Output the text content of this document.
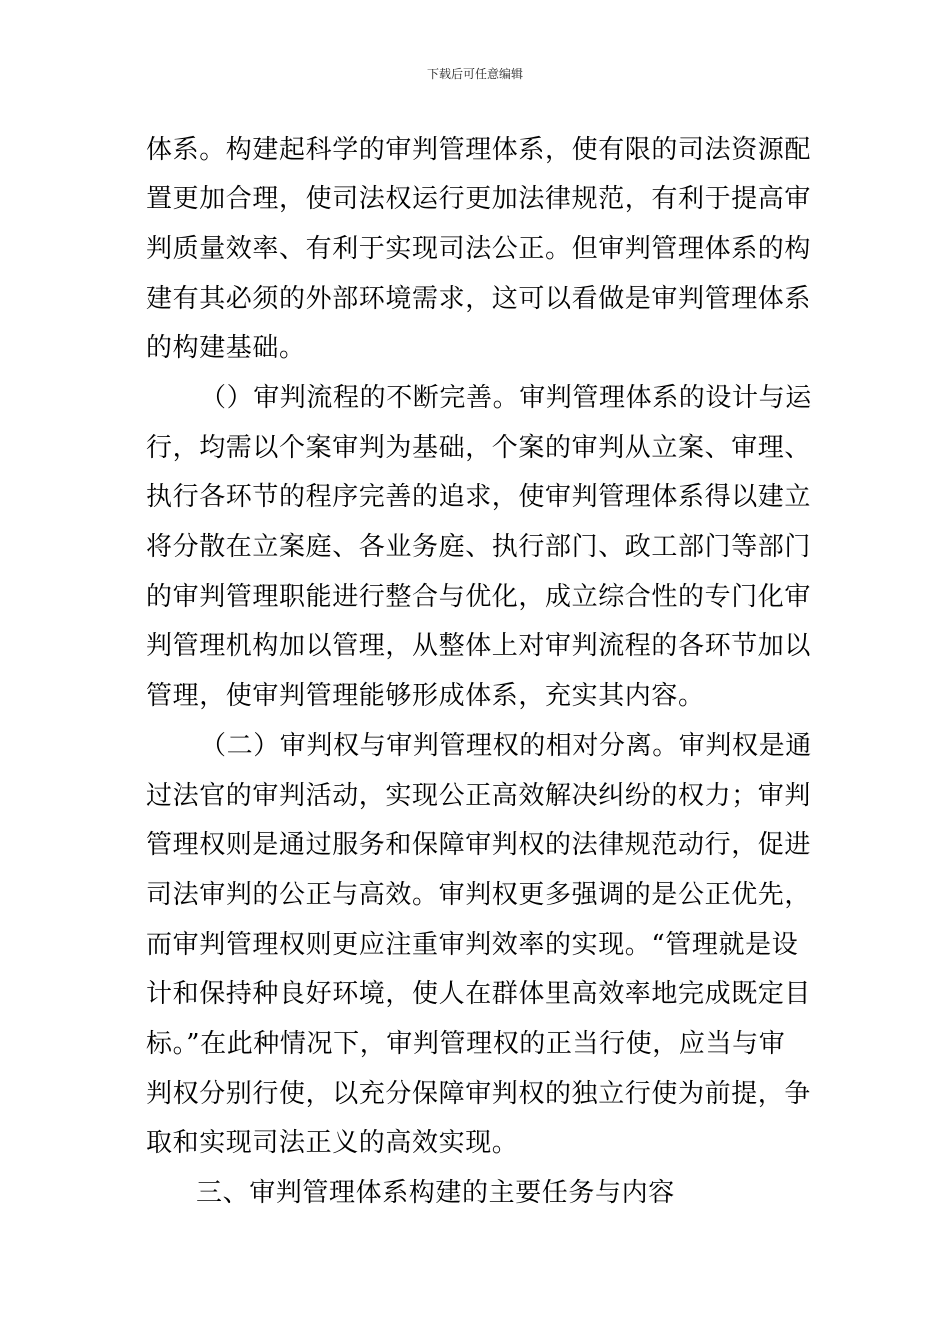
下载后可任意编辑
体系。构建起科学的审判管理体系，使有限的司法资源配
置更加合理，使司法权运行更加法律规范，有利于提高审
判质量效率、有利于实现司法公正。但审判管理体系的构
建有其必须的外部环境需求，这可以看做是审判管理体系
的构建基础。
（）审判流程的不断完善。审判管理体系的设计与运
行，均需以个案审判为基础，个案的审判从立案、审理、
执行各环节的程序完善的追求，使审判管理体系得以建立
将分散在立案庭、各业务庭、执行部门、政工部门等部门
的审判管理职能进行整合与优化，成立综合性的专门化审
判管理机构加以管理，从整体上对审判流程的各环节加以
管理，使审判管理能够形成体系，充实其内容。
（二）审判权与审判管理权的相对分离。审判权是通
过法官的审判活动，实现公正高效解决纠纷的权力；审判
管理权则是通过服务和保障审判权的法律规范动行，促进
司法审判的公正与高效。审判权更多强调的是公正优先，
而审判管理权则更应注重审判效率的实现。“管理就是设
计和保持种良好环境，使人在群体里高效率地完成既定目
标。”在此种情况下，审判管理权的正当行使，应当与审
判权分别行使，以充分保障审判权的独立行使为前提，争
取和实现司法正义的高效实现。
三、审判管理体系构建的主要任务与内容
